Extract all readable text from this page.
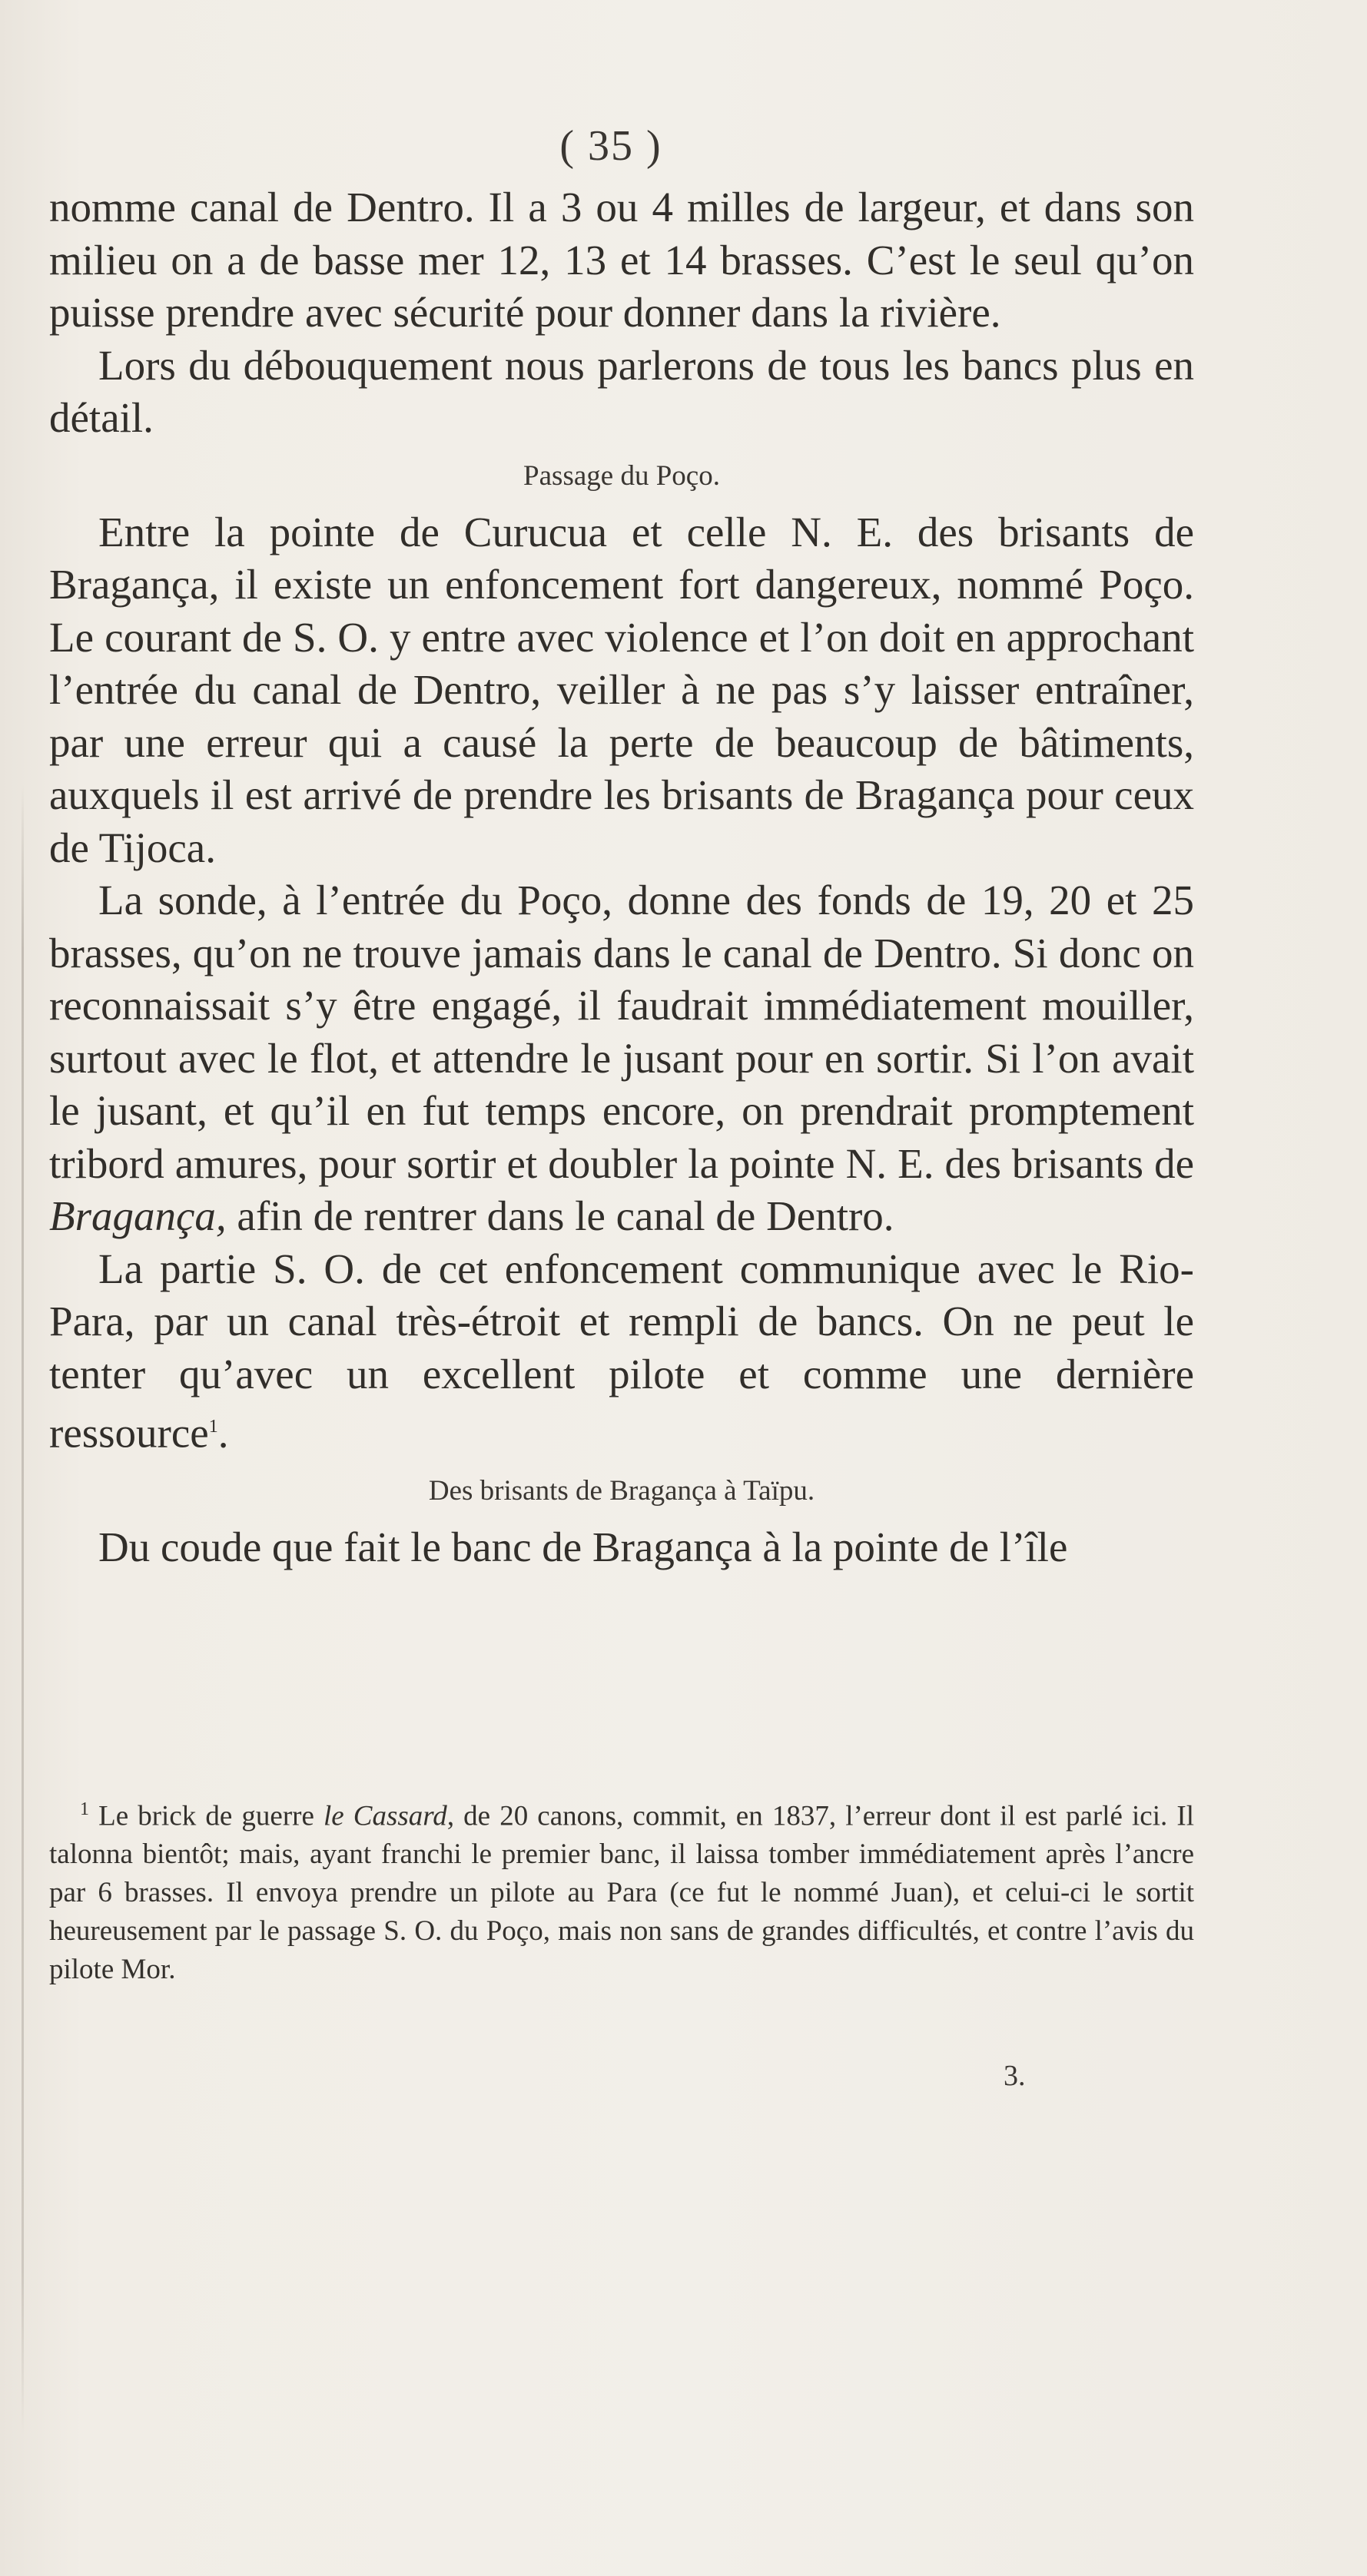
( 35 )

nomme canal de Dentro. Il a 3 ou 4 milles de largeur, et dans son milieu on a de basse mer 12, 13 et 14 brasses. C’est le seul qu’on puisse prendre avec sécurité pour donner dans la rivière.

Lors du débouquement nous parlerons de tous les bancs plus en détail.

Passage du Poço.

Entre la pointe de Curucua et celle N. E. des brisants de Bragança, il existe un enfoncement fort dangereux, nommé Poço. Le courant de S. O. y entre avec violence et l’on doit en approchant l’entrée du canal de Dentro, veiller à ne pas s’y laisser entraîner, par une erreur qui a causé la perte de beaucoup de bâtiments, auxquels il est arrivé de prendre les brisants de Bragança pour ceux de Tijoca.

La sonde, à l’entrée du Poço, donne des fonds de 19, 20 et 25 brasses, qu’on ne trouve jamais dans le canal de Dentro. Si donc on reconnaissait s’y être engagé, il faudrait immédiatement mouiller, surtout avec le flot, et attendre le jusant pour en sortir. Si l’on avait le jusant, et qu’il en fut temps encore, on prendrait promptement tribord amures, pour sortir et doubler la pointe N. E. des brisants de Bragança, afin de rentrer dans le canal de Dentro.

La partie S. O. de cet enfoncement communique avec le Rio-Para, par un canal très-étroit et rempli de bancs. On ne peut le tenter qu’avec un excellent pilote et comme une dernière ressource$^1$.

Des brisants de Bragança à Taïpu.

Du coude que fait le banc de Bragança à la pointe de l’île

$^1$ Le brick de guerre le Cassard, de 20 canons, commit, en 1837, l’erreur dont il est parlé ici. Il talonna bientôt; mais, ayant franchi le premier banc, il laissa tomber immédiatement après l’ancre par 6 brasses. Il envoya prendre un pilote au Para (ce fut le nommé Juan), et celui-ci le sortit heureusement par le passage S. O. du Poço, mais non sans de grandes difficultés, et contre l’avis du pilote Mor.

3.
